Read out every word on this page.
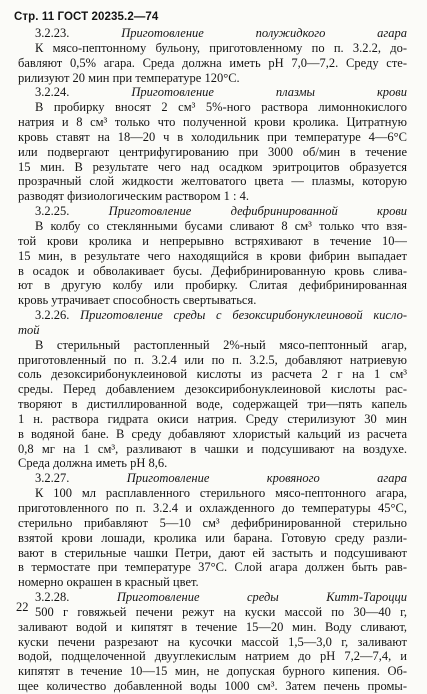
Стр. 11 ГОСТ 20235.2—74
3.2.23. Приготовление полужидкого агара
К мясо-пептонному бульону, приготовленному по п. 3.2.2, до-
бавляют 0,5% агара. Среда должна иметь pH 7,0—7,2. Среду сте-
рилизуют 20 мин при температуре 120°С.
3.2.24. Приготовление плазмы крови
В пробирку вносят 2 см³ 5%-ного раствора лимоннокислого
натрия и 8 см³ только что полученной крови кролика. Цитратную
кровь ставят на 18—20 ч в холодильник при температуре 4—6°С
или подвергают центрифугированию при 3000 об/мин в течение
15 мин. В результате чего над осадком эритроцитов образуется
прозрачный слой жидкости желтоватого цвета — плазмы, которую
разводят физиологическим раствором 1 : 4.
3.2.25. Приготовление дефибринированной крови
В колбу со стеклянными бусами сливают 8 см³ только что взя-
той крови кролика и непрерывно встряхивают в течение 10—
15 мин, в результате чего находящийся в крови фибрин выпадает
в осадок и обволакивает бусы. Дефибринированную кровь слива-
ют в другую колбу или пробирку. Слитая дефибринированная
кровь утрачивает способность свертываться.
3.2.26. Приготовление среды с безоксирибонуклеиновой кисло-
той
В стерильный растопленный 2%-ный мясо-пептонный агар,
приготовленный по п. 3.2.4 или по п. 3.2.5, добавляют натриевую
соль дезоксирибонуклеиновой кислоты из расчета 2 г на 1 см³
среды. Перед добавлением дезоксирибонуклеиновой кислоты рас-
творяют в дистиллированной воде, содержащей три—пять капель
1 н. раствора гидрата окиси натрия. Среду стерилизуют 30 мин
в водяной бане. В среду добавляют хлористый кальций из расчета
0,8 мг на 1 см³, разливают в чашки и подсушивают на воздухе.
Среда должна иметь pH 8,6.
3.2.27. Приготовление кровяного агара
К 100 мл расплавленного стерильного мясо-пептонного агара,
приготовленного по п. 3.2.4 и охлажденного до температуры 45°С,
стерильно прибавляют 5—10 см³ дефибринированной стерильно
взятой крови лошади, кролика или барана. Готовую среду разли-
вают в стерильные чашки Петри, дают ей застыть и подсушивают
в термостате при температуре 37°С. Слой агара должен быть рав-
номерно окрашен в красный цвет.
3.2.28. Приготовление среды Китт-Тароцци
500 г говяжьей печени режут на куски массой по 30—40 г,
заливают водой и кипятят в течение 15—20 мин. Воду сливают,
куски печени разрезают на кусочки массой 1,5—3,0 г, заливают
водой, подщелоченной двууглекислым натрием до pH 7,2—7,4, и
кипятят в течение 10—15 мин, не допуская бурного кипения. Об-
щее количество добавленной воды 1000 см³. Затем печень промы-
22
